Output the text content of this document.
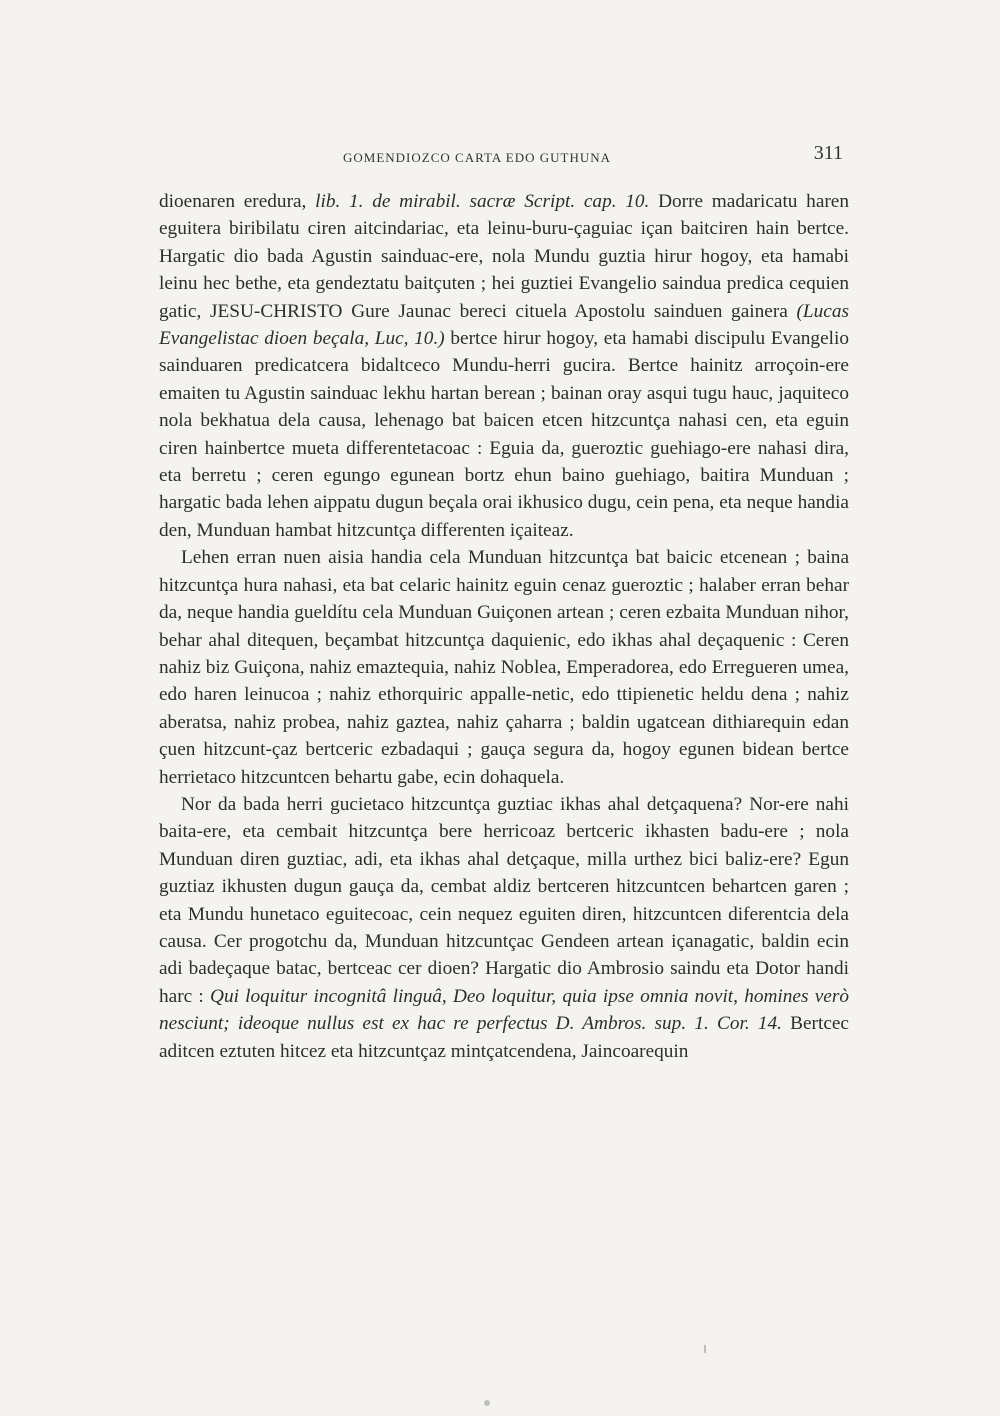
GOMENDIOZCO CARTA EDO GUTHUNA	311

dioenaren eredura, lib. 1. de mirabil. sacræ Script. cap. 10. Dorre madaricatu haren eguitera biribilatu ciren aitcindariac, eta leinu-buru-çaguiac içan baitciren hain bertce. Hargatic dio bada Agustin sainduac-ere, nola Mundu guztia hirur hogoy, eta hamabi leinu hec bethe, eta gendeztatu baitçuten ; hei guztiei Evangelio sainduа predica cequien gatic, JESU-CHRISTO Gure Jaunac bereci cituela Apostolu sainduen gainera (Lucas Evangelistac dioen beçala, Luc, 10.) bertce hirur hogoy, eta hamabi discipulu Evangelio sainduaren predicatcera bidaltceco Mundu-herri gucira. Bertce hainitz arroçoin-ere emaiten tu Agustin sainduac lekhu hartan berean ; bainan oray asqui tugu hauc, jaquiteco nola bekhatua dela causa, lehenago bat baicen etcen hitzcuntça nahasi cen, eta eguin ciren hainbertce mueta differentetacoac : Eguia da, gueroztic guehiago-ere nahasi dira, eta berretu ; ceren egungo egunean bortz ehun baino guehiago, baitira Munduan ; hargatic bada lehen aippatu dugun beçala orai ikhusico dugu, cein pena, eta neque handia den, Munduan hambat hitzcuntça differenten içaiteaz.

Lehen erran nuen aisia handia cela Munduan hitzcuntça bat baicic etcenean ; baina hitzcuntça hura nahasi, eta bat celaric hainitz eguin cenaz gueroztic ; halaber erran behar da, neque handia gueldítu cela Munduan Guiçonen artean ; ceren ezbaita Munduan nihor, behar ahal ditequen, beçambat hitzcuntça daquienic, edo ikhas ahal deçaquenic : Ceren nahiz biz Guiçona, nahiz emaztequia, nahiz Noblea, Emperadorea, edo Erregueren umea, edo haren leinucoa ; nahiz ethorquiric appalle-netic, edo ttipienetic heldu dena ; nahiz aberatsa, nahiz probea, nahiz gaztea, nahiz çaharra ; baldin ugatcean dithiarequin edan çuen hitzcunt-çaz bertceric ezbadaqui ; gauça segura da, hogoy egunen bidean bertce herrietaco hitzcuntcen behartu gabe, ecin dohaquela.

Nor da bada herri gucietaco hitzcuntça guztiac ikhas ahal detçaquena? Nor-ere nahi baita-ere, eta cembait hitzcuntça bere herricoaz bertceric ikhasten badu-ere ; nola Munduan diren guztiac, adi, eta ikhas ahal detçaque, milla urthez bici baliz-ere? Egun guztiaz ikhusten dugun gauça da, cembat aldiz bertceren hitzcuntcen behartcen garen ; eta Mundu hunetaco eguitecoac, cein nequez eguiten diren, hitzcuntcen diferentcia dela causa. Cer progotchu da, Munduan hitzcuntçac Gendeen artean içanagatic, baldin ecin adi badeçaque batac, bertceac cer dioen? Hargatic dio Ambrosio saindu eta Dotor handi harc : Qui loquitur incognitâ linguâ, Deo loquitur, quia ipse omnia novit, homines verò nesciunt; ideoque nullus est ex hac re perfectus D. Ambros. sup. 1. Cor. 14. Bertcec aditcen eztuten hitcez eta hitzcuntçaz mintçatcendena, Jaincoarequin
